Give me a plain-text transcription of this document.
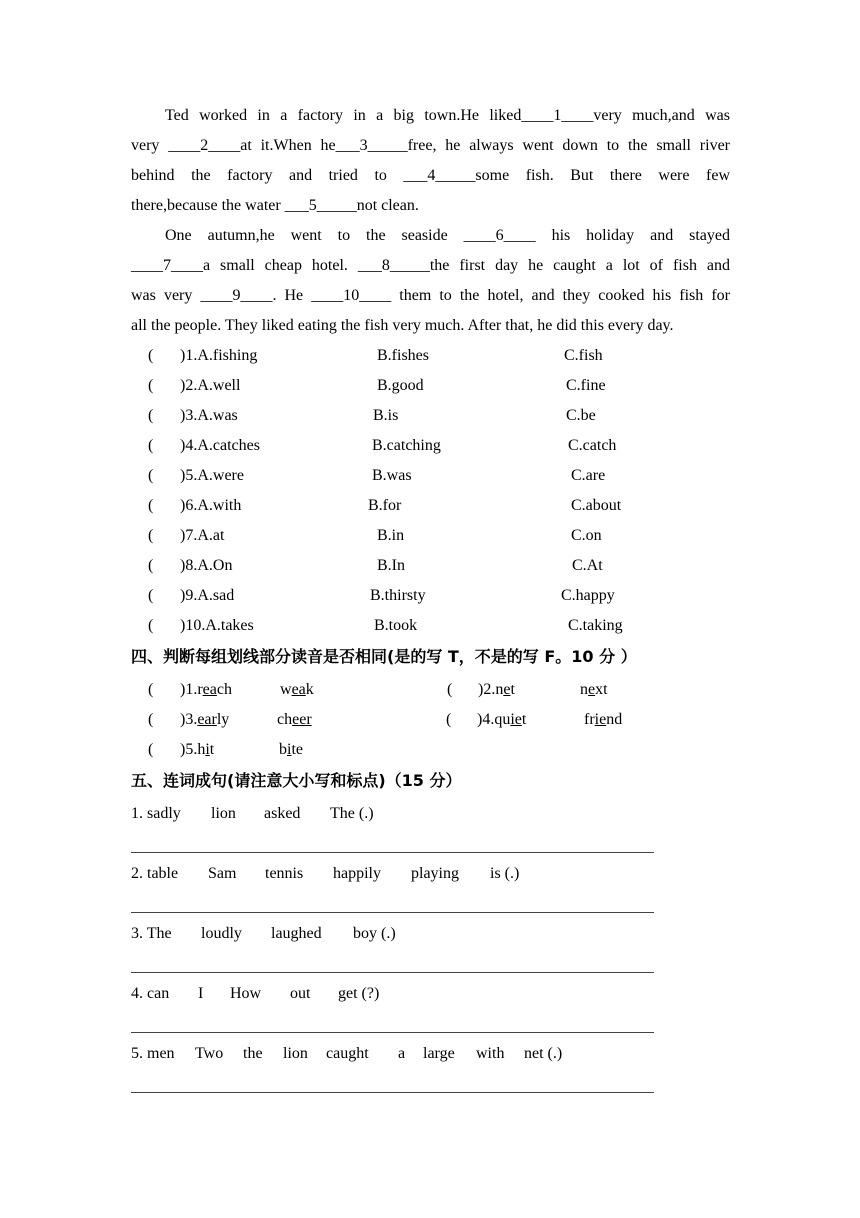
Ted worked in a factory in a big town.He liked____1____very much,and was
very ____2____at it.When he___3_____free, he always went down to the small river
behind the factory and tried to ___4_____some fish. But there were few
there,because the water ___5_____not clean.
One autumn,he went to the seaside ____6____ his holiday and stayed
____7____a small cheap hotel. ___8_____the first day he caught a lot of fish and
was very ____9____. He ____10____ them to the hotel, and they cooked his fish for
all the people. They liked eating the fish very much. After that, he did this every day.
( )1.A.fishing	B.fishes	C.fish
( )2.A.well	B.good	C.fine
( )3.A.was	B.is	C.be
( )4.A.catches	B.catching	C.catch
( )5.A.were	B.was	C.are
( )6.A.with	B.for	C.about
( )7.A.at	B.in	C.on
( )8.A.On	B.In	C.At
( )9.A.sad	B.thirsty	C.happy
( )10.A.takes	B.took	C.taking
四、判断每组划线部分读音是否相同(是的写 T，不是的写 F。10 分 ）
( )1.reach	weak	( )2.net	next
( )3.early	cheer	( )4.quiet	friend
( )5.hit	bite
五、连词成句(请注意大小写和标点)（15 分）
1. sadly lion asked The (.)
2. table Sam tennis happily playing is (.)
3. The loudly laughed boy (.)
4. can I How out get (?)
5. men Two the lion caught a large with net (.)
